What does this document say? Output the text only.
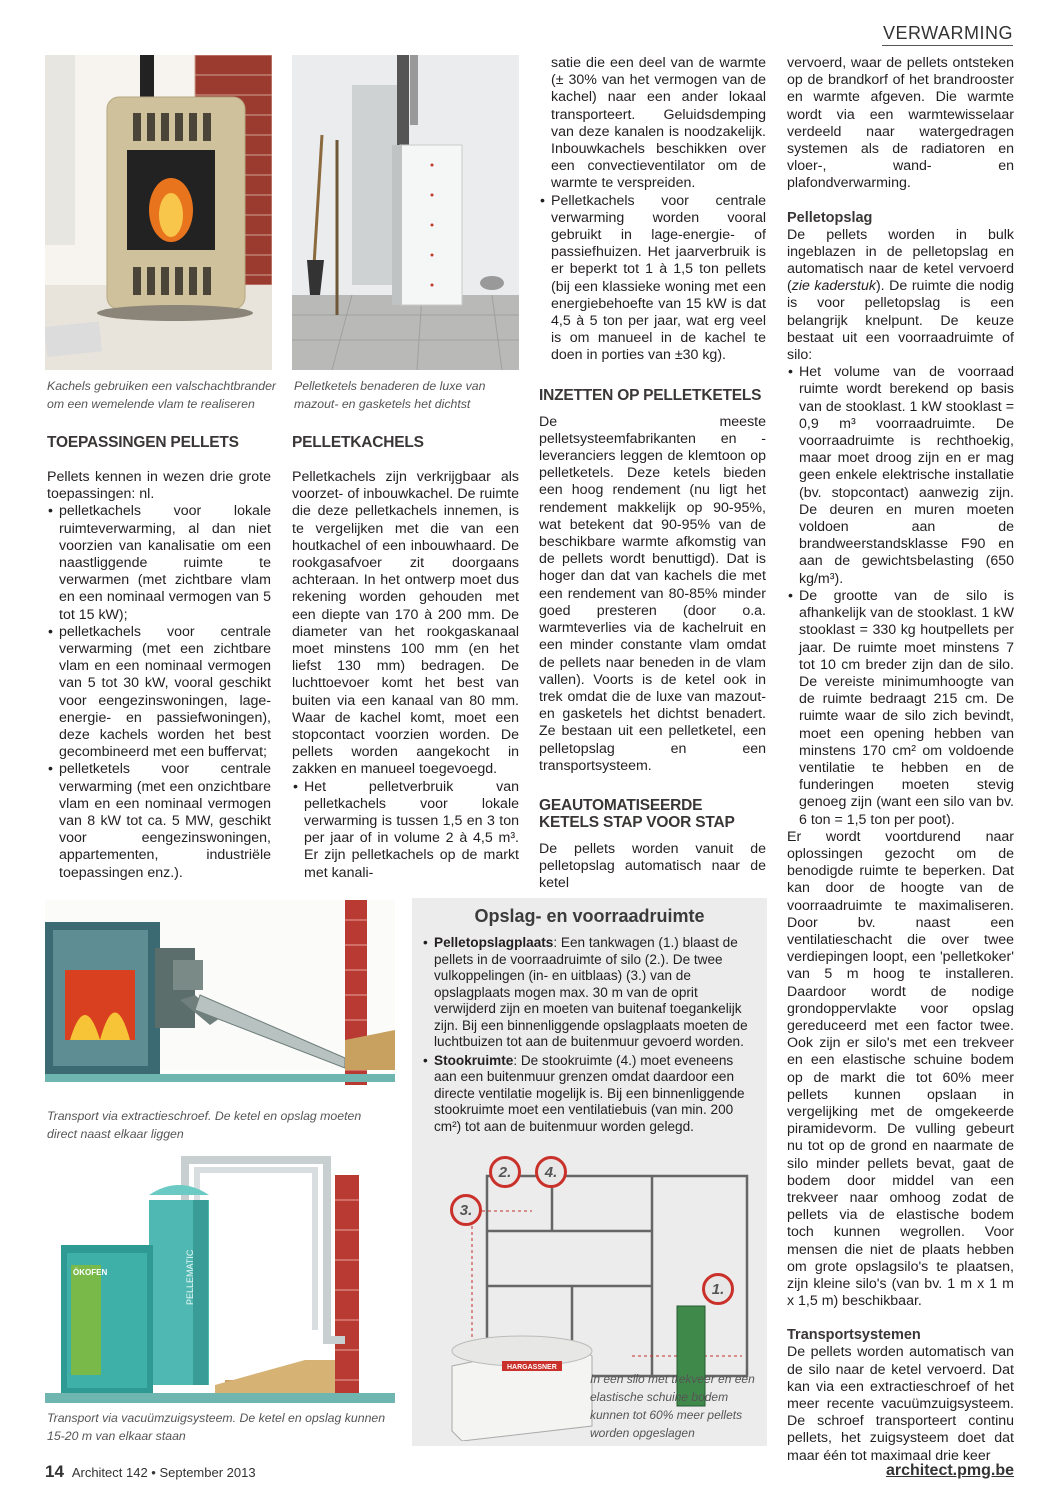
VERWARMING
Kachels gebruiken een valschachtbrander om een wemelende vlam te realiseren
Pelletketels benaderen de luxe van mazout- en gasketels het dichtst
TOEPASSINGEN PELLETS
Pellets kennen in wezen drie grote toepassingen: nl.

• pelletkachels voor lokale ruimteverwarming, al dan niet voorzien van kanalisatie om een naastliggende ruimte te verwarmen (met zichtbare vlam en een nominaal vermogen van 5 tot 15 kW);

• pelletkachels voor centrale verwarming (met een zichtbare vlam en een nominaal vermogen van 5 tot 30 kW, vooral geschikt voor eengezinswoningen, lage-energie- en passiefwoningen), deze kachels worden het best gecombineerd met een buffervat;

• pelletketels voor centrale verwarming (met een onzichtbare vlam en een nominaal vermogen van 8 kW tot ca. 5 MW, geschikt voor eengezinswoningen, appartementen, industriële toepassingen enz.).

PELLETKACHELS
Pelletkachels zijn verkrijgbaar als voorzet- of inbouwkachel. De ruimte die deze pelletkachels innemen, is te vergelijken met die van een houtkachel of een inbouwhaard. De rookgasafvoer zit doorgaans achteraan. In het ontwerp moet dus rekening worden gehouden met een diepte van 170 à 200 mm. De diameter van het rookgaskanaal moet minstens 100 mm (en het liefst 130 mm) bedragen. De luchttoevoer komt het best van buiten via een kanaal van 80 mm. Waar de kachel komt, moet een stopcontact voorzien worden. De pellets worden aangekocht in zakken en manueel toegevoegd.

• Het pelletverbruik van pelletkachels voor lokale verwarming is tussen 1,5 en 3 ton per jaar of in volume 2 à 4,5 m³. Er zijn pelletkachels op de markt met kanali-

satie die een deel van de warmte (± 30% van het vermogen van de kachel) naar een ander lokaal transporteert. Geluidsdemping van deze kanalen is noodzakelijk. Inbouwkachels beschikken over een convectieventilator om de warmte te verspreiden.

• Pelletkachels voor centrale verwarming worden vooral gebruikt in lage-energie- of passiefhuizen. Het jaarverbruik is er beperkt tot 1 à 1,5 ton pellets (bij een klassieke woning met een energiebehoefte van 15 kW is dat 4,5 à 5 ton per jaar, wat erg veel is om manueel in de kachel te doen in porties van ±30 kg).

INZETTEN OP PELLETKETELS
De meeste pelletsysteemfabrikanten en -leveranciers leggen de klemtoon op pelletketels. Deze ketels bieden een hoog rendement (nu ligt het rendement makkelijk op 90-95%, wat betekent dat 90-95% van de beschikbare warmte afkomstig van de pellets wordt benuttigd). Dat is hoger dan dat van kachels die met een rendement van 80-85% minder goed presteren (door o.a. warmteverlies via de kachelruit en een minder constante vlam omdat de pellets naar beneden in de vlam vallen). Voorts is de ketel ook in trek omdat die de luxe van mazout- en gasketels het dichtst benadert. Ze bestaan uit een pelletketel, een pelletopslag en een transportsysteem.
GEAUTOMATISEERDE KETELS STAP VOOR STAP
De pellets worden vanuit de pelletopslag automatisch naar de ketel
vervoerd, waar de pellets ontsteken op de brandkorf of het brandrooster en warmte afgeven. Die warmte wordt via een warmtewisselaar verdeeld naar watergedragen systemen als de radiatoren en vloer-, wand- en plafondverwarming.
Pelletopslag
De pellets worden in bulk ingeblazen in de pelletopslag en automatisch naar de ketel vervoerd (zie kaderstuk). De ruimte die nodig is voor pelletopslag is een belangrijk knelpunt. De keuze bestaat uit een voorraadruimte of silo:

• Het volume van de voorraad ruimte wordt berekend op basis van de stooklast. 1 kW stooklast = 0,9 m³ voorraadruimte. De voorraadruimte is rechthoekig, maar moet droog zijn en er mag geen enkele elektrische installatie (bv. stopcontact) aanwezig zijn. De deuren en muren moeten voldoen aan de brandweerstandsklasse F90 en aan de gewichtsbelasting (650 kg/m³).

• De grootte van de silo is afhankelijk van de stooklast. 1 kW stooklast = 330 kg houtpellets per jaar. De ruimte moet minstens 7 tot 10 cm breder zijn dan de silo. De vereiste minimumhoogte van de ruimte bedraagt 215 cm. De ruimte waar de silo zich bevindt, moet een opening hebben van minstens 170 cm² om voldoende ventilatie te hebben en de funderingen moeten stevig genoeg zijn (want een silo van bv. 6 ton = 1,5 ton per poot).

Er wordt voortdurend naar oplossingen gezocht om de benodigde ruimte te beperken. Dat kan door de hoogte van de voorraadruimte te maximaliseren. Door bv. naast een ventilatieschacht die over twee verdiepingen loopt, een 'pelletkoker' van 5 m hoog te installeren. Daardoor wordt de nodige grondoppervlakte voor opslag gereduceerd met een factor twee. Ook zijn er silo's met een trekveer en een elastische schuine bodem op de markt die tot 60% meer pellets kunnen opslaan in vergelijking met de omgekeerde piramidevorm. De vulling gebeurt nu tot op de grond en naarmate de silo minder pellets bevat, gaat de bodem door middel van een trekveer naar omhoog zodat de pellets via de elastische bodem toch kunnen wegrollen. Voor mensen die niet de plaats hebben om grote opslagsilo's te plaatsen, zijn kleine silo's (van bv. 1 m x 1 m x 1,5 m) beschikbaar.
Transportsystemen
De pellets worden automatisch van de silo naar de ketel vervoerd. Dat kan via een extractieschroef of het meer recente vacuümzuigsysteem. De schroef transporteert continu pellets, het zuigsysteem doet dat maar één tot maximaal drie keer
Transport via extractieschroef. De ketel en opslag moeten direct naast elkaar liggen
ÖKOFEN	PELLEMATIC
Transport via vacuümzuigsysteem. De ketel en opslag kunnen 15-20 m van elkaar staan
Opslag- en voorraadruimte

• Pelletopslagplaats: Een tankwagen (1.) blaast de pellets in de voorraadruimte of silo (2.). De twee vulkoppelingen (in- en uitblaas) (3.) van de opslagplaats mogen max. 30 m van de oprit verwijderd zijn en moeten van buitenaf toegankelijk zijn. Bij een binnenliggende opslagplaats moeten de luchtbuizen tot aan de buitenmuur gevoerd worden.

• Stookruimte: De stookruimte (4.) moet eveneens aan een buitenmuur grenzen omdat daardoor een directe ventilatie mogelijk is. Bij een binnenliggende stookruimte moet een ventilatiebuis (van min. 200 cm²) tot aan de buitenmuur worden gelegd.

HARGASSNER
2.	4.
3.
1.
In een silo met trekveer en een elastische schuine bodem kunnen tot 60% meer pellets worden opgeslagen
14 Architect 142 • September 2013	architect.pmg.be
